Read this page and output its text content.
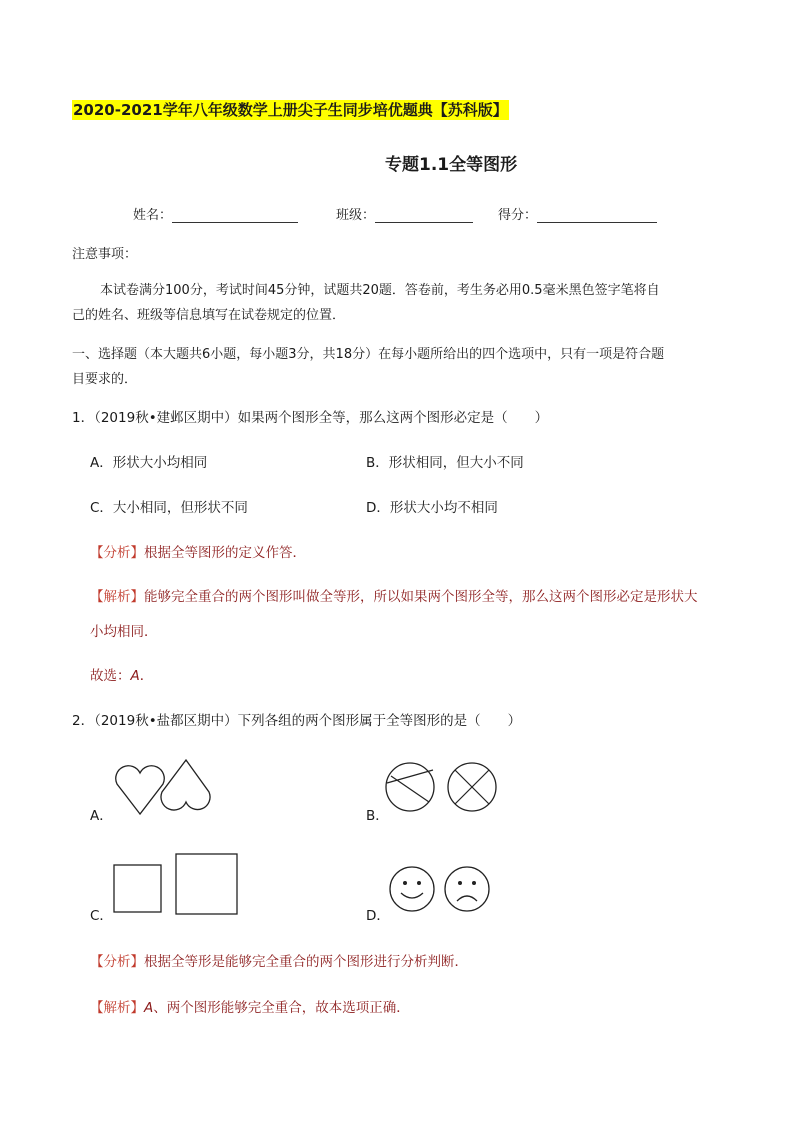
2020-2021学年八年级数学上册尖子生同步培优题典【苏科版】
专题1.1全等图形
姓名：	班级：	得分：
注意事项：
本试卷满分100分，考试时间45分钟，试题共20题．答卷前，考生务必用0.5毫米黑色签字笔将自
己的姓名、班级等信息填写在试卷规定的位置．
一、选择题（本大题共6小题，每小题3分，共18分）在每小题所给出的四个选项中，只有一项是符合题
目要求的．
1．（2019秋•建邺区期中）如果两个图形全等，那么这两个图形必定是（　　）
A．形状大小均相同	B．形状相同，但大小不同
C．大小相同，但形状不同	D．形状大小均不相同
【分析】根据全等图形的定义作答．
【解析】能够完全重合的两个图形叫做全等形，所以如果两个图形全等，那么这两个图形必定是形状大
小均相同．
故选：A．
2．（2019秋•盐都区期中）下列各组的两个图形属于全等图形的是（　　）
A．	B．
C．	D．
【分析】根据全等形是能够完全重合的两个图形进行分析判断．
【解析】A、两个图形能够完全重合，故本选项正确．
